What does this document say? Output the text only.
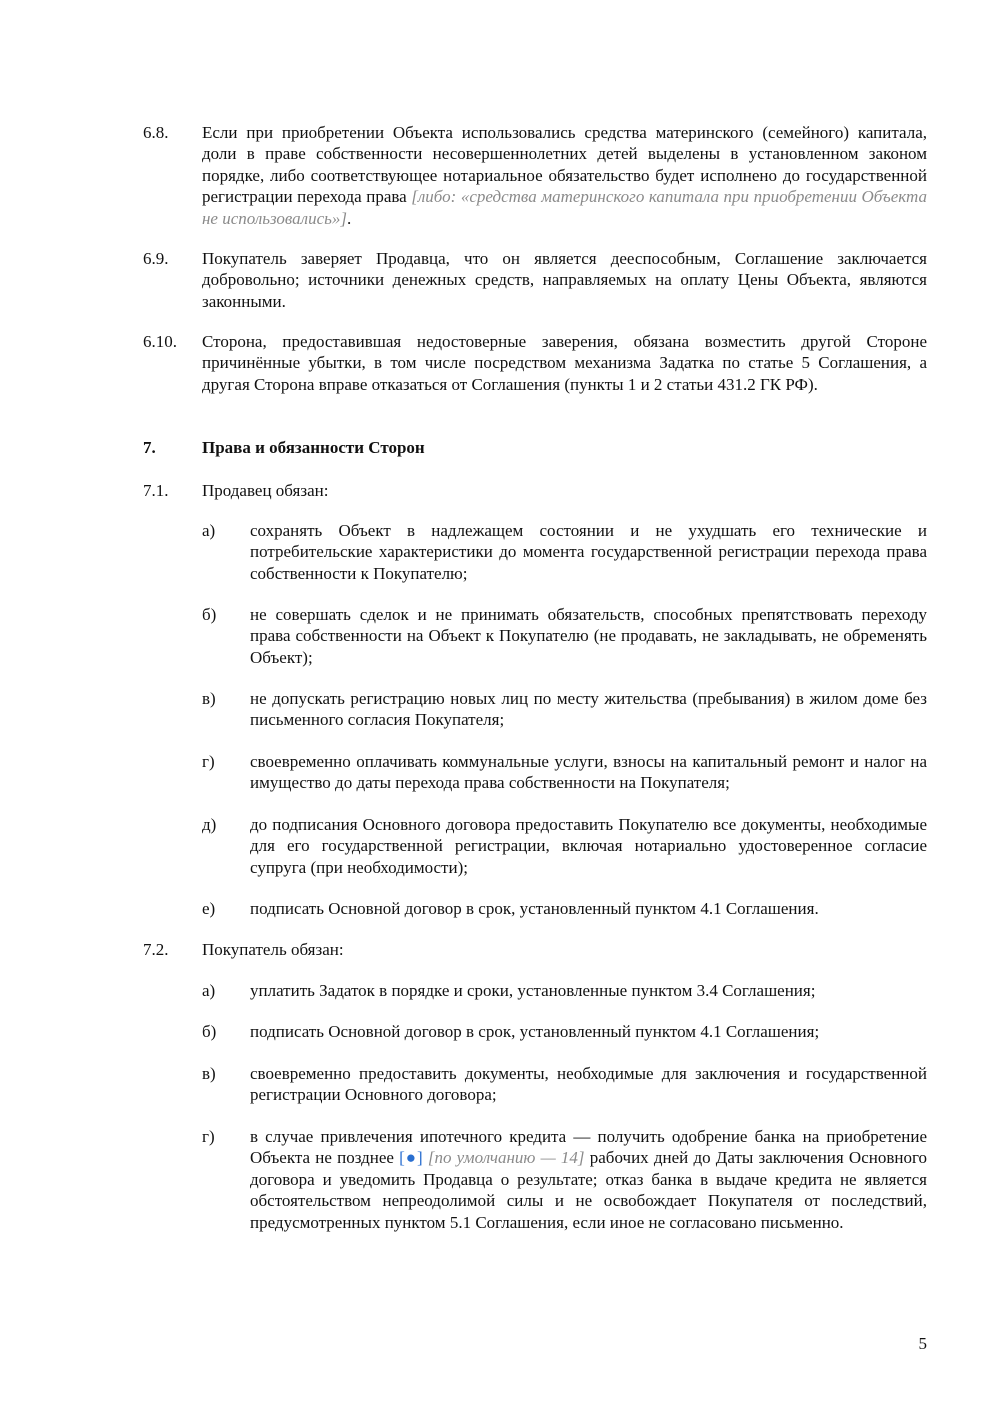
6.8. Если при приобретении Объекта использовались средства материнского (семейного) капитала, доли в праве собственности несовершеннолетних детей выделены в установленном законом порядке, либо соответствующее нотариальное обязательство будет исполнено до государственной регистрации перехода права [либо: «средства материнского капитала при приобретении Объекта не использовались»].
6.9. Покупатель заверяет Продавца, что он является дееспособным, Соглашение заключается добровольно; источники денежных средств, направляемых на оплату Цены Объекта, являются законными.
6.10. Сторона, предоставившая недостоверные заверения, обязана возместить другой Стороне причинённые убытки, в том числе посредством механизма Задатка по статье 5 Соглашения, а другая Сторона вправе отказаться от Соглашения (пункты 1 и 2 статьи 431.2 ГК РФ).
7.	Права и обязанности Сторон
7.1. Продавец обязан:
а) сохранять Объект в надлежащем состоянии и не ухудшать его технические и потребительские характеристики до момента государственной регистрации перехода права собственности к Покупателю;
б) не совершать сделок и не принимать обязательств, способных препятствовать переходу права собственности на Объект к Покупателю (не продавать, не закладывать, не обременять Объект);
в) не допускать регистрацию новых лиц по месту жительства (пребывания) в жилом доме без письменного согласия Покупателя;
г) своевременно оплачивать коммунальные услуги, взносы на капитальный ремонт и налог на имущество до даты перехода права собственности на Покупателя;
д) до подписания Основного договора предоставить Покупателю все документы, необходимые для его государственной регистрации, включая нотариально удостоверенное согласие супруга (при необходимости);
е) подписать Основной договор в срок, установленный пунктом 4.1 Соглашения.
7.2. Покупатель обязан:
а) уплатить Задаток в порядке и сроки, установленные пунктом 3.4 Соглашения;
б) подписать Основной договор в срок, установленный пунктом 4.1 Соглашения;
в) своевременно предоставить документы, необходимые для заключения и государственной регистрации Основного договора;
г) в случае привлечения ипотечного кредита — получить одобрение банка на приобретение Объекта не позднее [●] [по умолчанию — 14] рабочих дней до Даты заключения Основного договора и уведомить Продавца о результате; отказ банка в выдаче кредита не является обстоятельством непреодолимой силы и не освобождает Покупателя от последствий, предусмотренных пунктом 5.1 Соглашения, если иное не согласовано письменно.
5
